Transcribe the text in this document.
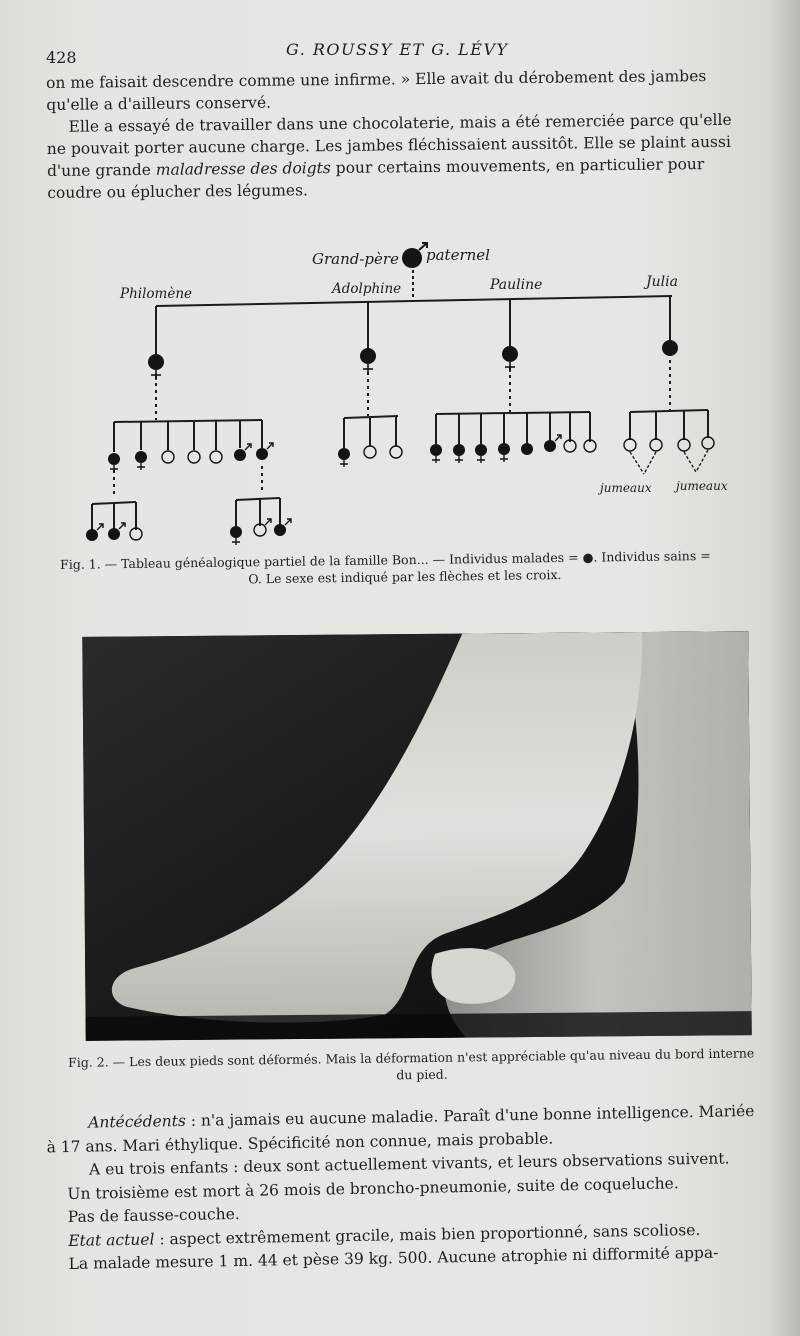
428	G. ROUSSY ET G. LÉVY

on me faisait descendre comme une infirme. » Elle avait du dérobement des jambes qu'elle a d'ailleurs conservé.

Elle a essayé de travailler dans une chocolaterie, mais a été remerciée parce qu'elle ne pouvait porter aucune charge. Les jambes fléchissaient aussitôt. Elle se plaint aussi d'une grande maladresse des doigts pour certains mouvements, en particulier pour coudre ou éplucher des légumes.

Grand-père paternel
Philomène	Adolphine	Pauline	Julia
jumeaux jumeaux
Fig. 1. — Tableau généalogique partiel de la famille Bon... — Individus malades = ●. Individus sains =
O. Le sexe est indiqué par les flèches et les croix.
Fig. 2. — Les deux pieds sont déformés. Mais la déformation n'est appréciable qu'au niveau du bord interne
du pied.

Antécédents : n'a jamais eu aucune maladie. Paraît d'une bonne intelligence. Mariée

à 17 ans. Mari éthylique. Spécificité non connue, mais probable.

A eu trois enfants : deux sont actuellement vivants, et leurs observations suivent.

Un troisième est mort à 26 mois de broncho-pneumonie, suite de coqueluche.

Pas de fausse-couche.

Etat actuel : aspect extrêmement gracile, mais bien proportionné, sans scoliose.

La malade mesure 1 m. 44 et pèse 39 kg. 500. Aucune atrophie ni difformité appa-
